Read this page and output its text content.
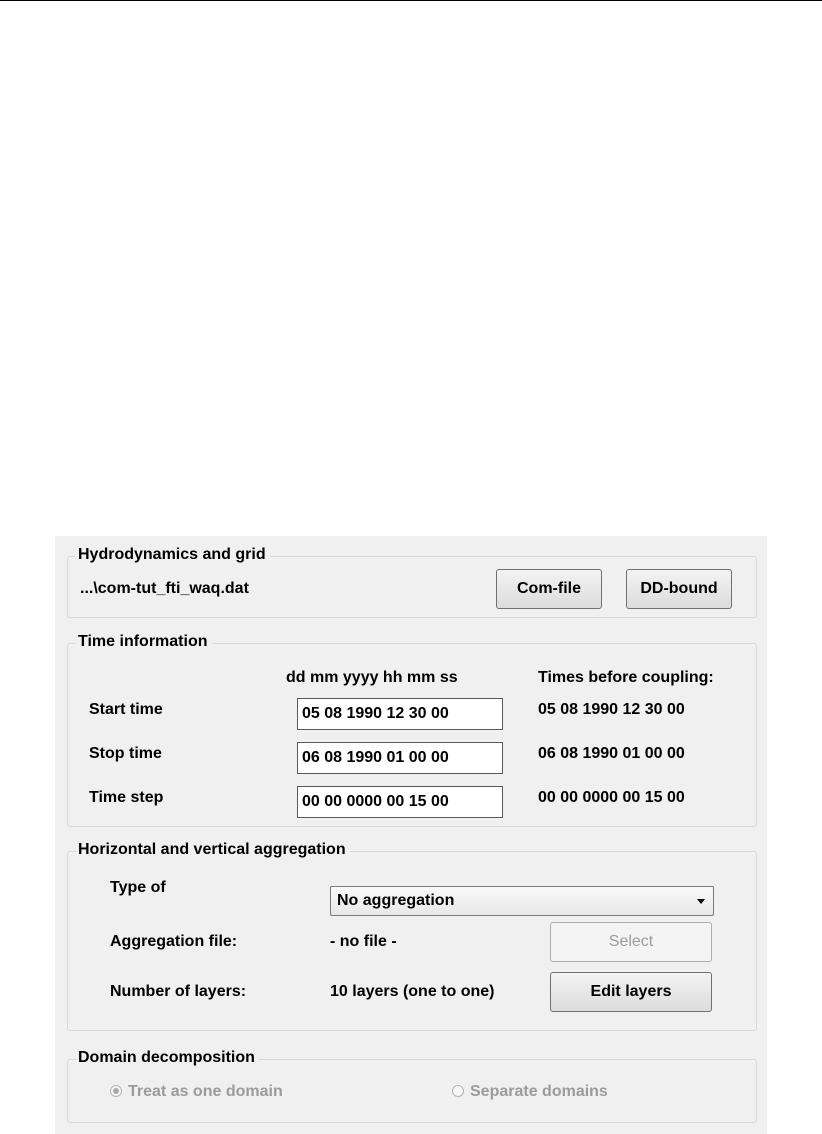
Hydrodynamics and grid
...\com-tut_fti_waq.dat	Com-file	DD-bound
Time information
dd mm yyyy hh mm ss	Times before coupling:
Start time
05 08 1990 12 30 00	05 08 1990 12 30 00
Stop time
06 08 1990 01 00 00	06 08 1990 01 00 00
Time step
00 00 0000 00 15 00	00 00 0000 00 15 00
Horizontal and vertical aggregation
Type of
No aggregation
Aggregation file:	- no file -	Select
Number of layers:	10 layers (one to one)	Edit layers
Domain decomposition
Treat as one domain	Separate domains
